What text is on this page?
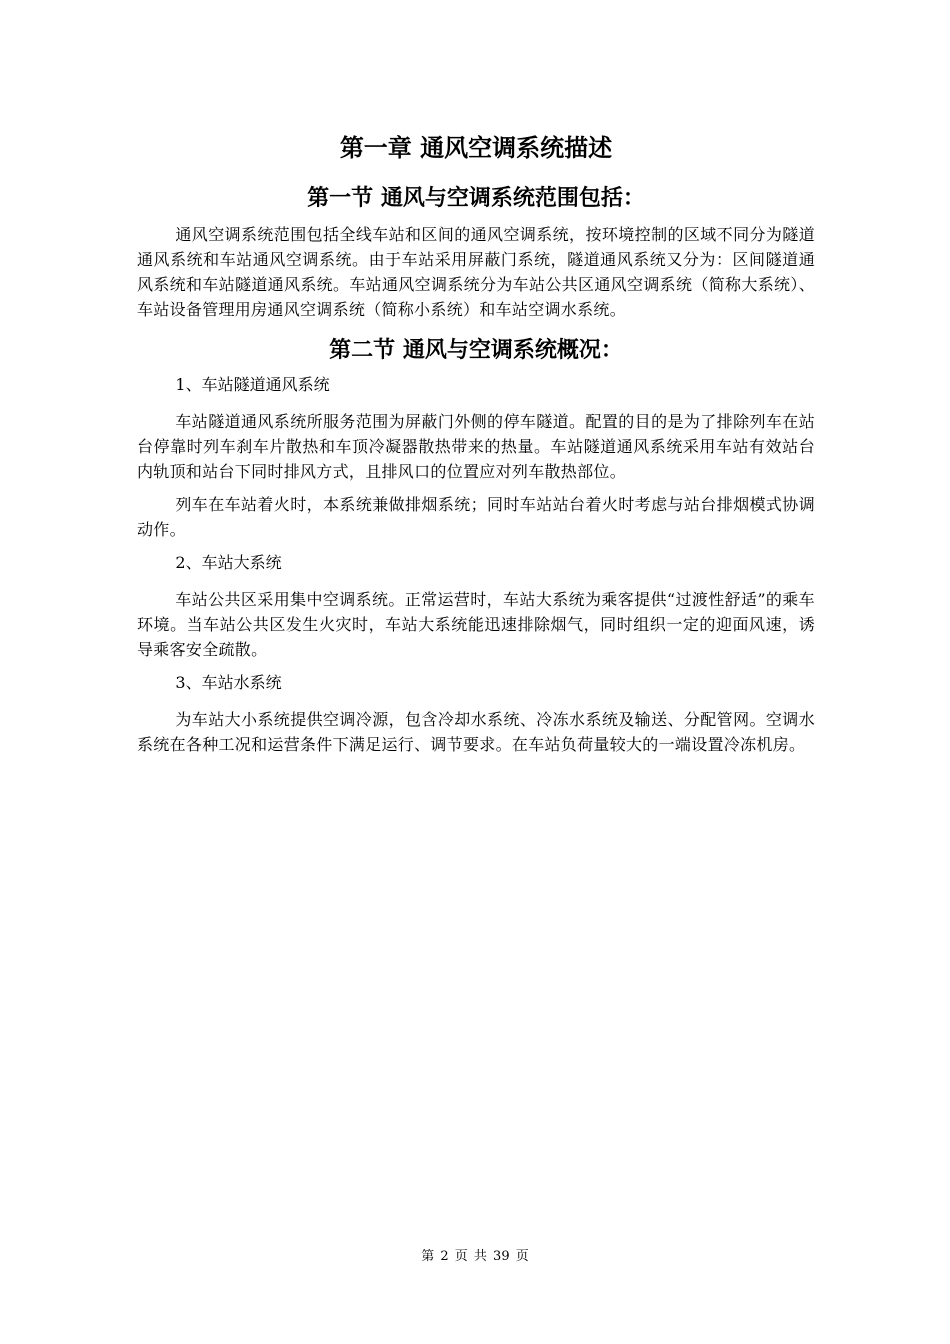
第一章 通风空调系统描述
第一节 通风与空调系统范围包括：

通风空调系统范围包括全线车站和区间的通风空调系统，按环境控制的区域不同分为隧道通风系统和车站通风空调系统。由于车站采用屏蔽门系统，隧道通风系统又分为：区间隧道通风系统和车站隧道通风系统。车站通风空调系统分为车站公共区通风空调系统（简称大系统）、车站设备管理用房通风空调系统（简称小系统）和车站空调水系统。

第二节 通风与空调系统概况：

1、车站隧道通风系统

车站隧道通风系统所服务范围为屏蔽门外侧的停车隧道。配置的目的是为了排除列车在站台停靠时列车刹车片散热和车顶冷凝器散热带来的热量。车站隧道通风系统采用车站有效站台内轨顶和站台下同时排风方式，且排风口的位置应对列车散热部位。

列车在车站着火时，本系统兼做排烟系统；同时车站站台着火时考虑与站台排烟模式协调动作。

2、车站大系统

车站公共区采用集中空调系统。正常运营时，车站大系统为乘客提供“过渡性舒适”的乘车环境。当车站公共区发生火灾时，车站大系统能迅速排除烟气，同时组织一定的迎面风速，诱导乘客安全疏散。

3、车站水系统

为车站大小系统提供空调冷源，包含冷却水系统、冷冻水系统及输送、分配管网。空调水系统在各种工况和运营条件下满足运行、调节要求。在车站负荷量较大的一端设置冷冻机房。

第 2 页 共 39 页
